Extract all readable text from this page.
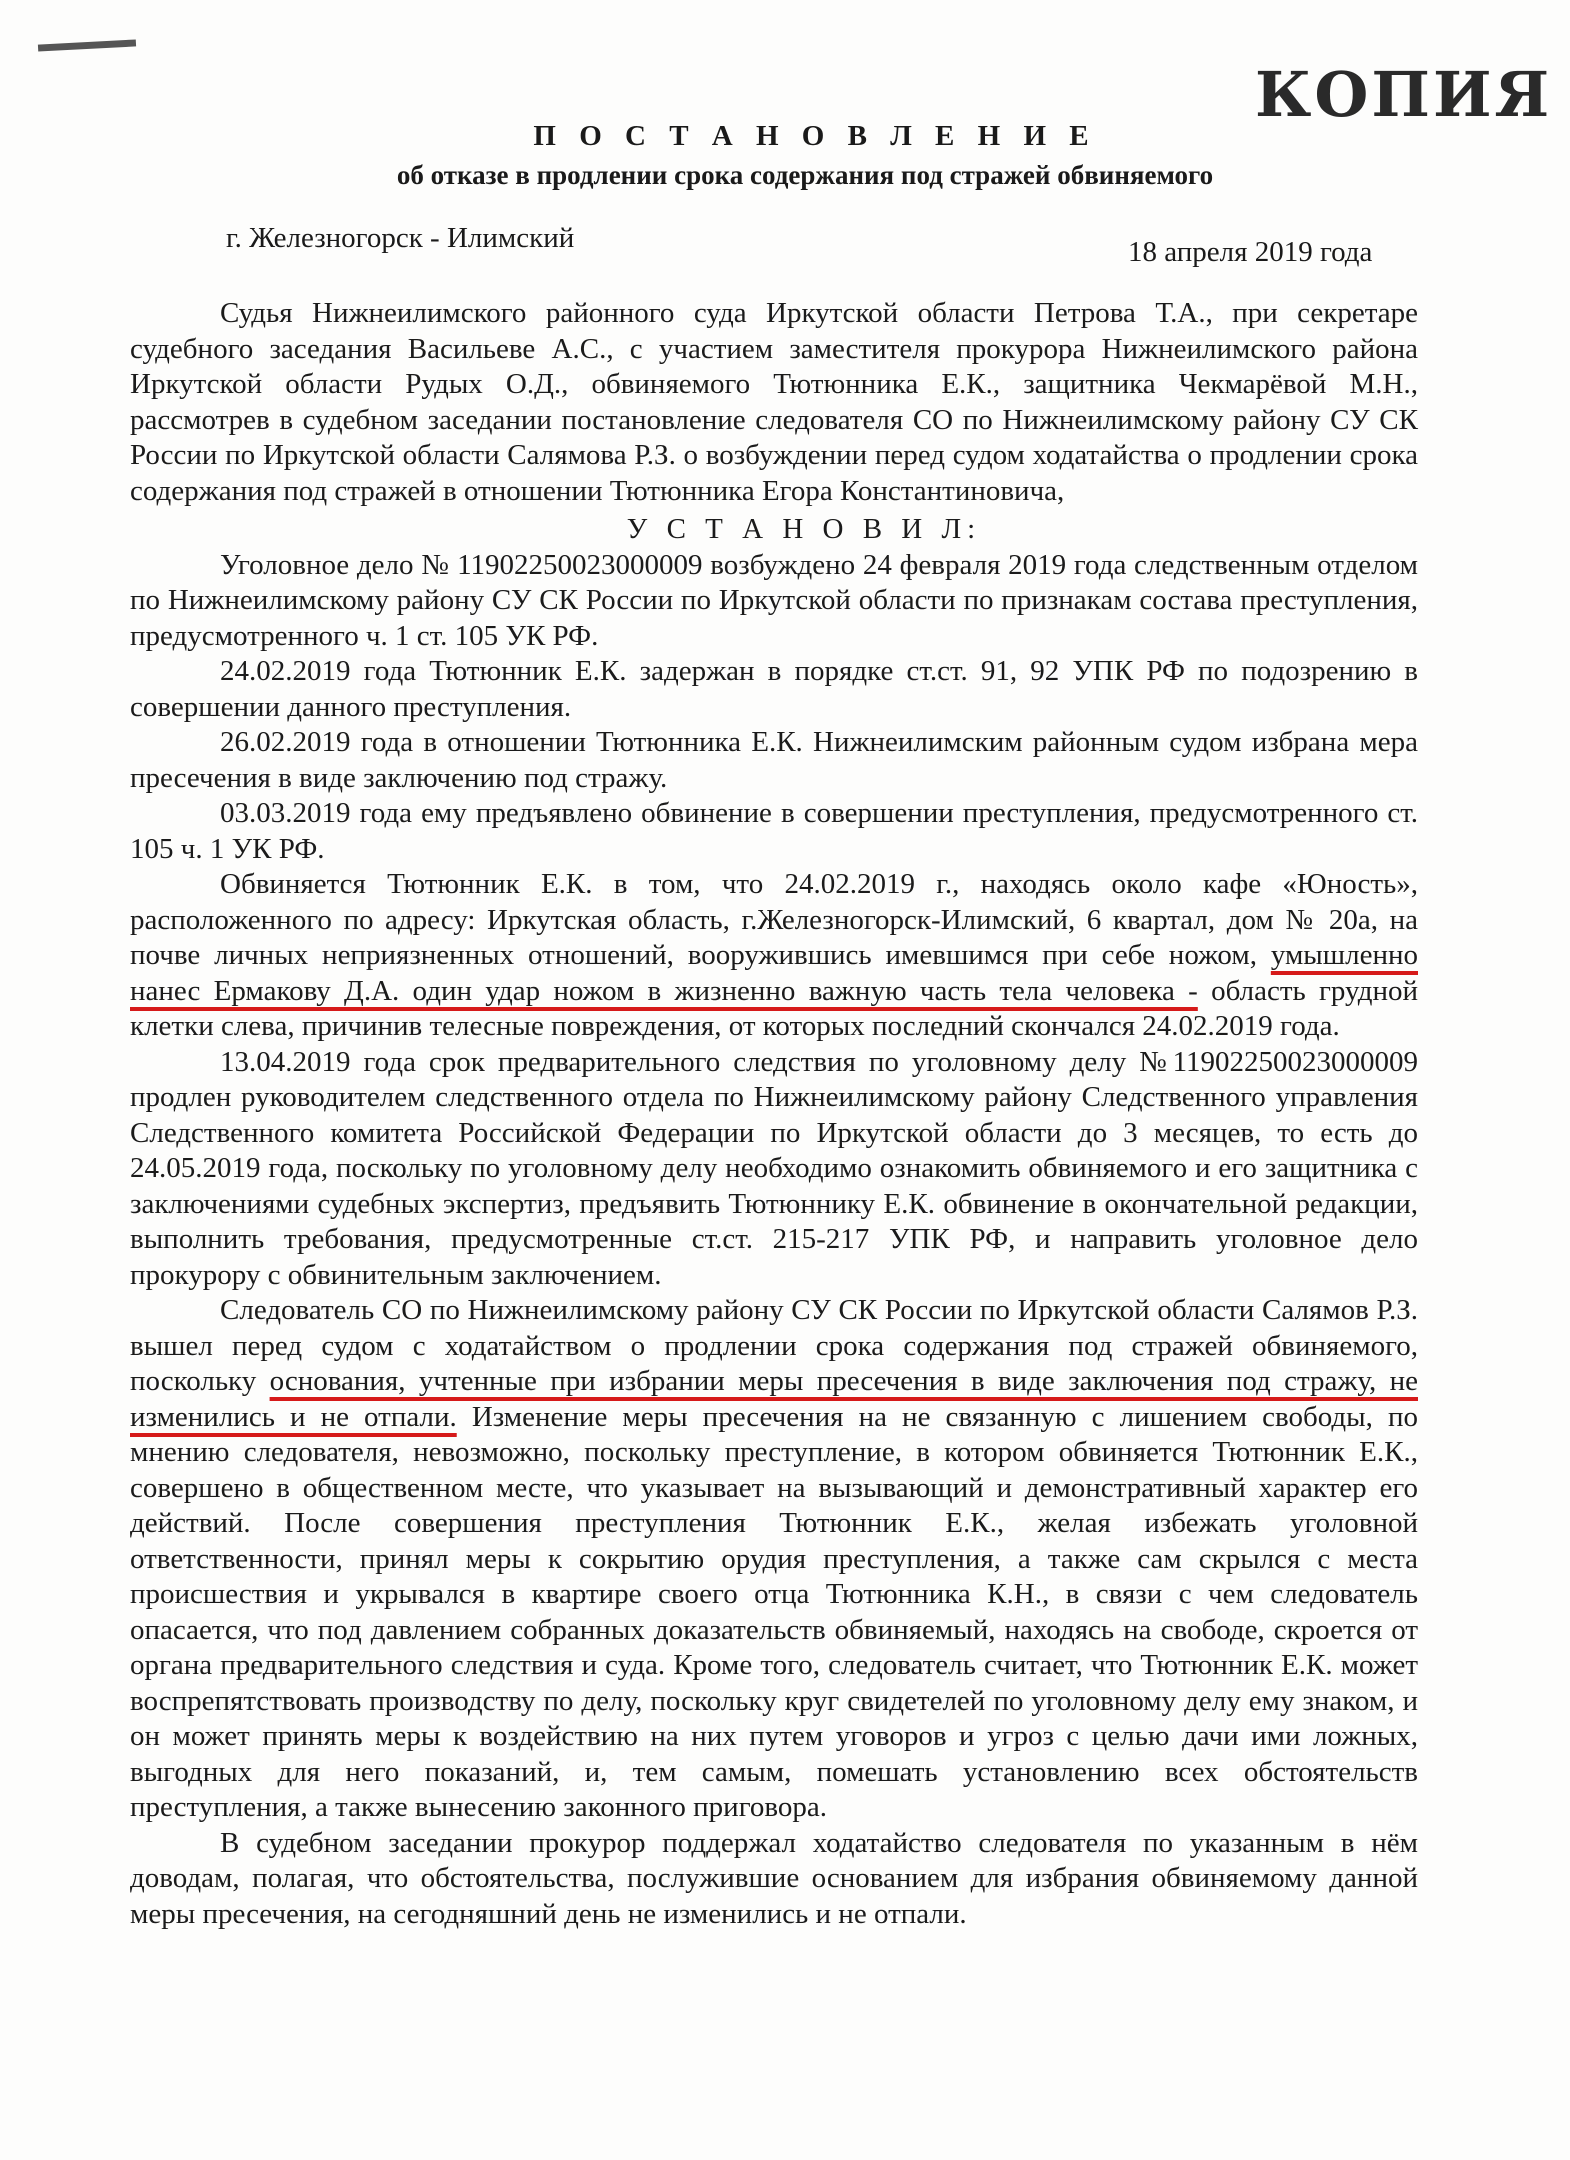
КОПИЯ
П О С Т А Н О В Л Е Н И Е
об отказе в продлении срока содержания под стражей обвиняемого
г. Железногорск - Илимский	18 апреля 2019 года

Судья Нижнеилимского районного суда Иркутской области Петрова Т.А., при секретаре судебного заседания Васильеве А.С., с участием заместителя прокурора Нижнеилимского района Иркутской области Рудых О.Д., обвиняемого Тютюнника Е.К., защитника Чекмарёвой М.Н., рассмотрев в судебном заседании постановление следователя СО по Нижнеилимскому району СУ СК России по Иркутской области Салямова Р.З. о возбуждении перед судом ходатайства о продлении срока содержания под стражей в отношении Тютюнника Егора Константиновича,

У С Т А Н О В И Л:

Уголовное дело № 11902250023000009 возбуждено 24 февраля 2019 года следственным отделом по Нижнеилимскому району СУ СК России по Иркутской области по признакам состава преступления, предусмотренного ч. 1 ст. 105 УК РФ.

24.02.2019 года Тютюнник Е.К. задержан в порядке ст.ст. 91, 92 УПК РФ по подозрению в совершении данного преступления.

26.02.2019 года в отношении Тютюнника Е.К. Нижнеилимским районным судом избрана мера пресечения в виде заключению под стражу.

03.03.2019 года ему предъявлено обвинение в совершении преступления, предусмотренного ст. 105 ч. 1 УК РФ.

Обвиняется Тютюнник Е.К. в том, что 24.02.2019 г., находясь около кафе «Юность», расположенного по адресу: Иркутская область, г.Железногорск-Илимский, 6 квартал, дом № 20а, на почве личных неприязненных отношений, вооружившись имевшимся при себе ножом, умышленно нанес Ермакову Д.А. один удар ножом в жизненно важную часть тела человека - область грудной клетки слева, причинив телесные повреждения, от которых последний скончался 24.02.2019 года.

13.04.2019 года срок предварительного следствия по уголовному делу №11902250023000009 продлен руководителем следственного отдела по Нижнеилимскому району Следственного управления Следственного комитета Российской Федерации по Иркутской области до 3 месяцев, то есть до 24.05.2019 года, поскольку по уголовному делу необходимо ознакомить обвиняемого и его защитника с заключениями судебных экспертиз, предъявить Тютюннику Е.К. обвинение в окончательной редакции, выполнить требования, предусмотренные ст.ст. 215-217 УПК РФ, и направить уголовное дело прокурору с обвинительным заключением.

Следователь СО по Нижнеилимскому району СУ СК России по Иркутской области Салямов Р.З. вышел перед судом с ходатайством о продлении срока содержания под стражей обвиняемого, поскольку основания, учтенные при избрании меры пресечения в виде заключения под стражу, не изменились и не отпали. Изменение меры пресечения на не связанную с лишением свободы, по мнению следователя, невозможно, поскольку преступление, в котором обвиняется Тютюнник Е.К., совершено в общественном месте, что указывает на вызывающий и демонстративный характер его действий. После совершения преступления Тютюнник Е.К., желая избежать уголовной ответственности, принял меры к сокрытию орудия преступления, а также сам скрылся с места происшествия и укрывался в квартире своего отца Тютюнника К.Н., в связи с чем следователь опасается, что под давлением собранных доказательств обвиняемый, находясь на свободе, скроется от органа предварительного следствия и суда. Кроме того, следователь считает, что Тютюнник Е.К. может воспрепятствовать производству по делу, поскольку круг свидетелей по уголовному делу ему знаком, и он может принять меры к воздействию на них путем уговоров и угроз с целью дачи ими ложных, выгодных для него показаний, и, тем самым, помешать установлению всех обстоятельств преступления, а также вынесению законного приговора.

В судебном заседании прокурор поддержал ходатайство следователя по указанным в нём доводам, полагая, что обстоятельства, послужившие основанием для избрания обвиняемому данной меры пресечения, на сегодняшний день не изменились и не отпали.
